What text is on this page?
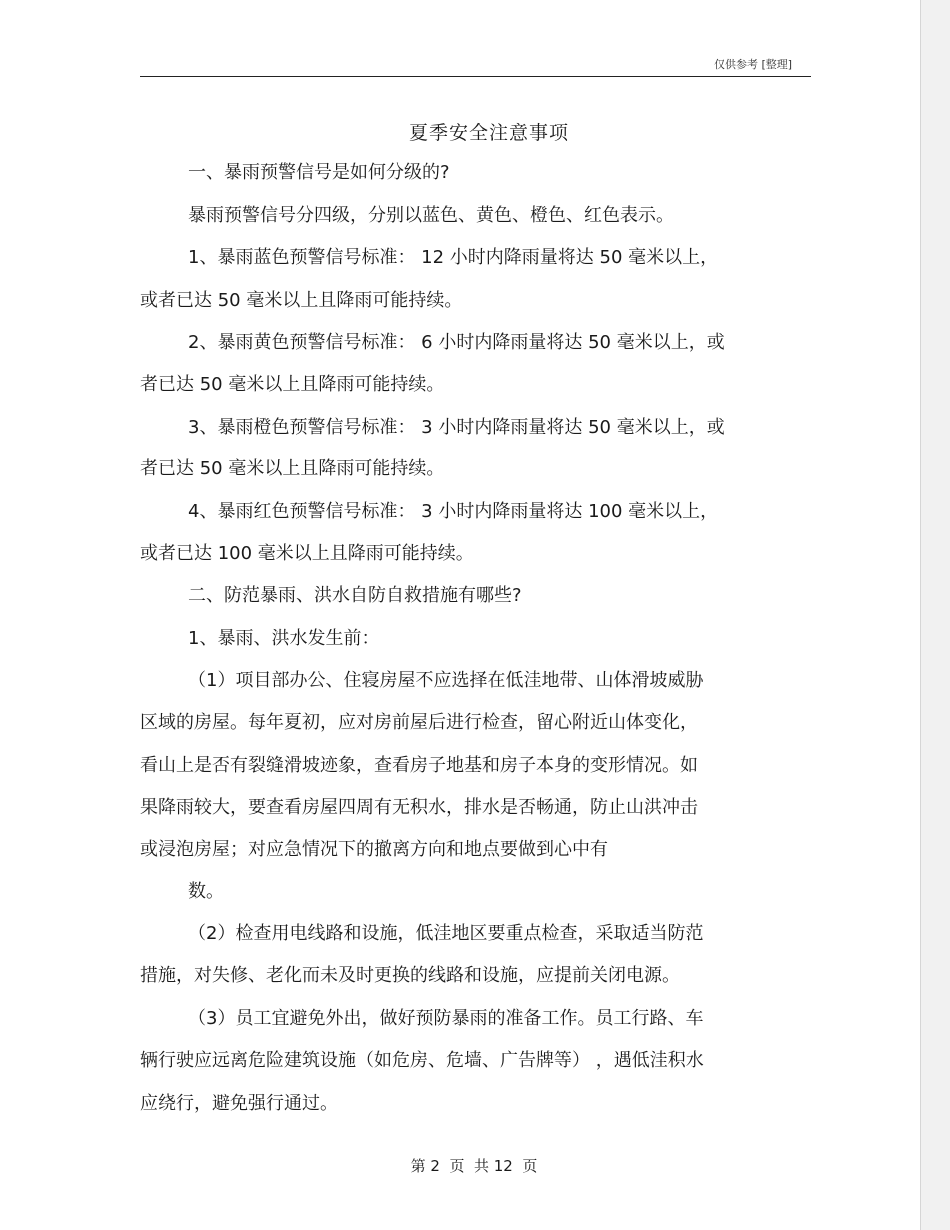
仅供参考 [整理]
夏季安全注意事项
一、暴雨预警信号是如何分级的?
暴雨预警信号分四级，分别以蓝色、黄色、橙色、红色表示。
1、暴雨蓝色预警信号标准： 12 小时内降雨量将达 50 毫米以上，
或者已达 50 毫米以上且降雨可能持续。
2、暴雨黄色预警信号标准： 6 小时内降雨量将达 50 毫米以上，或
者已达 50 毫米以上且降雨可能持续。
3、暴雨橙色预警信号标准： 3 小时内降雨量将达 50 毫米以上，或
者已达 50 毫米以上且降雨可能持续。
4、暴雨红色预警信号标准： 3 小时内降雨量将达 100 毫米以上，
或者已达 100 毫米以上且降雨可能持续。
二、防范暴雨、洪水自防自救措施有哪些?
1、暴雨、洪水发生前：
（1）项目部办公、住寝房屋不应选择在低洼地带、山体滑坡威胁
区域的房屋。每年夏初，应对房前屋后进行检查，留心附近山体变化，
看山上是否有裂缝滑坡迹象，查看房子地基和房子本身的变形情况。如
果降雨较大，要查看房屋四周有无积水，排水是否畅通，防止山洪冲击
或浸泡房屋；对应急情况下的撤离方向和地点要做到心中有
数。
（2）检查用电线路和设施，低洼地区要重点检查，采取适当防范
措施，对失修、老化而未及时更换的线路和设施，应提前关闭电源。
（3）员工宜避免外出，做好预防暴雨的准备工作。员工行路、车
辆行驶应远离危险建筑设施（如危房、危墙、广告牌等） ，遇低洼积水
应绕行，避免强行通过。
第 2  页  共 12  页
